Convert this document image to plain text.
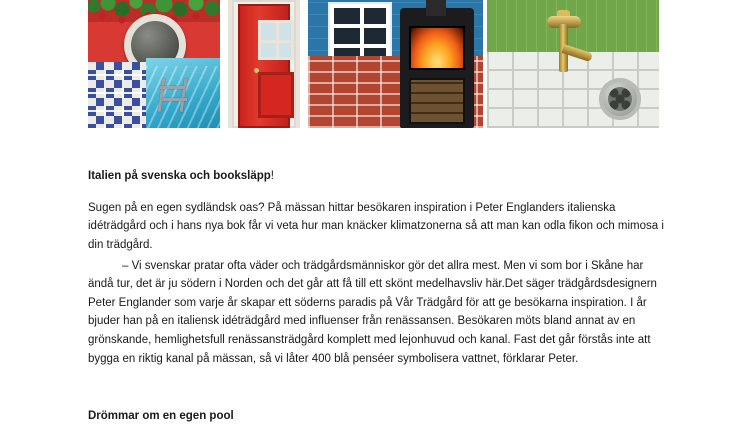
Italien på svenska och booksläpp!

Sugen på en egen sydländsk oas? På mässan hittar besökaren inspiration i Peter Englanders italienska idéträdgård och i hans nya bok får vi veta hur man knäcker klimatzonerna så att man kan odla fikon och mimosa i din trädgård.

– Vi svenskar pratar ofta väder och trädgårdsmänniskor gör det allra mest. Men vi som bor i Skåne har ändå tur, det är ju södern i Norden och det går att få till ett skönt medelhavsliv här.Det säger trädgårdsdesignern Peter Englander som varje år skapar ett söderns paradis på Vår Trädgård för att ge besökarna inspiration. I år bjuder han på en italiensk idéträdgård med influenser från renässansen. Besökaren möts bland annat av en grönskande, hemlighetsfull renässansträdgård komplett med lejonhuvud och kanal. Fast det går förstås inte att bygga en riktig kanal på mässan, så vi låter 400 blå penséer symbolisera vattnet, förklarar Peter.

Drömmar om en egen pool
